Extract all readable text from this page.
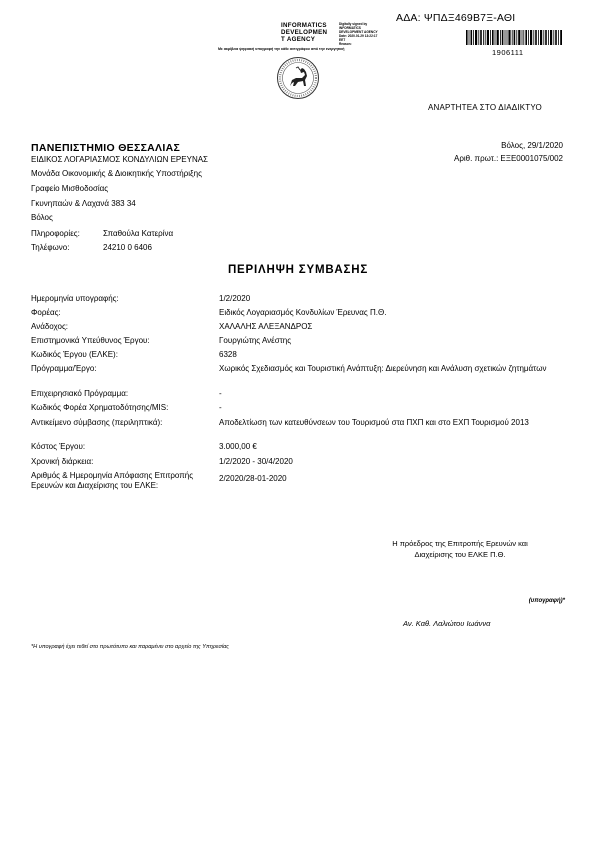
ΑΔΑ: ΨΠΔΞ469Β7Ξ-ΑΘΙ
INFORMATICS
DEVELOPMEN
T AGENCY
Digitally signed by
INFORMATICS
DEVELOPMENT AGENCY
Date: 2020.01.29 13:22:17
EET
Reason:
Με ακρίβεια ψηφιακή υπογραφή την κάθε αντιγράφου από την ενεργητική	1906111
ΑΝΑΡΤΗΤΕΑ ΣΤΟ ΔΙΑΔΙΚΤΥΟ
ΠΑΝΕΠΙΣΤΗΜΙΟ ΘΕΣΣΑΛΙΑΣ
ΕΙΔΙΚΟΣ ΛΟΓΑΡΙΑΣΜΟΣ ΚΟΝΔΥΛΙΩΝ ΕΡΕΥΝΑΣ
Μονάδα Οικονομικής & Διοικητικής Υποστήριξης
Γραφείο Μισθοδοσίας
Γκυνηπαών & Λαχανά 383 34
Βόλος
Πληροφορίες:	Σπαθούλα Κατερίνα
Τηλέφωνο:	24210 0 6406
Βόλος, 29/1/2020
Αριθ. πρωτ.: ΕΞΕ0001075/002
ΠΕΡΙΛΗΨΗ ΣΥΜΒΑΣΗΣ
Ημερομηνία υπογραφής:	1/2/2020
Φορέας:	Ειδικός Λογαριασμός Κονδυλίων Έρευνας Π.Θ.
Ανάδοχος:	ΧΑΛΑΛΗΣ ΑΛΕΞΑΝΔΡΟΣ
Επιστημονικά Υπεύθυνος Έργου:	Γουργιώτης Ανέστης
Κωδικός Έργου (ΕΛΚΕ):	6328
Πρόγραμμα/Έργο:	Χωρικός Σχεδιασμός και Τουριστική Ανάπτυξη: Διερεύνηση και Ανάλυση σχετικών ζητημάτων
Επιχειρησιακό Πρόγραμμα:	-
Κωδικός Φορέα Χρηματοδότησης/MIS:	-
Αντικείμενο σύμβασης (περιληπτικά):	Αποδελτίωση των κατευθύνσεων του Τουρισμού στα ΠΧΠ και στο ΕΧΠ Τουρισμού 2013
Κόστος Έργου:	3.000,00 €
Χρονική διάρκεια:	1/2/2020 - 30/4/2020
Αριθμός & Ημερομηνία Απόφασης Επιτροπής Ερευνών και Διαχείρισης του ΕΛΚΕ:
2/2020/28-01-2020
Η πρόεδρος της Επιτροπής Ερευνών και
Διαχείρισης του ΕΛΚΕ Π.Θ.
(υπογραφή)*
Αν. Καθ. Λαλιώτου Ιωάννα
*Η υπογραφή έχει τεθεί στο πρωτότυπο και παραμένει στο αρχείο της Υπηρεσίας
